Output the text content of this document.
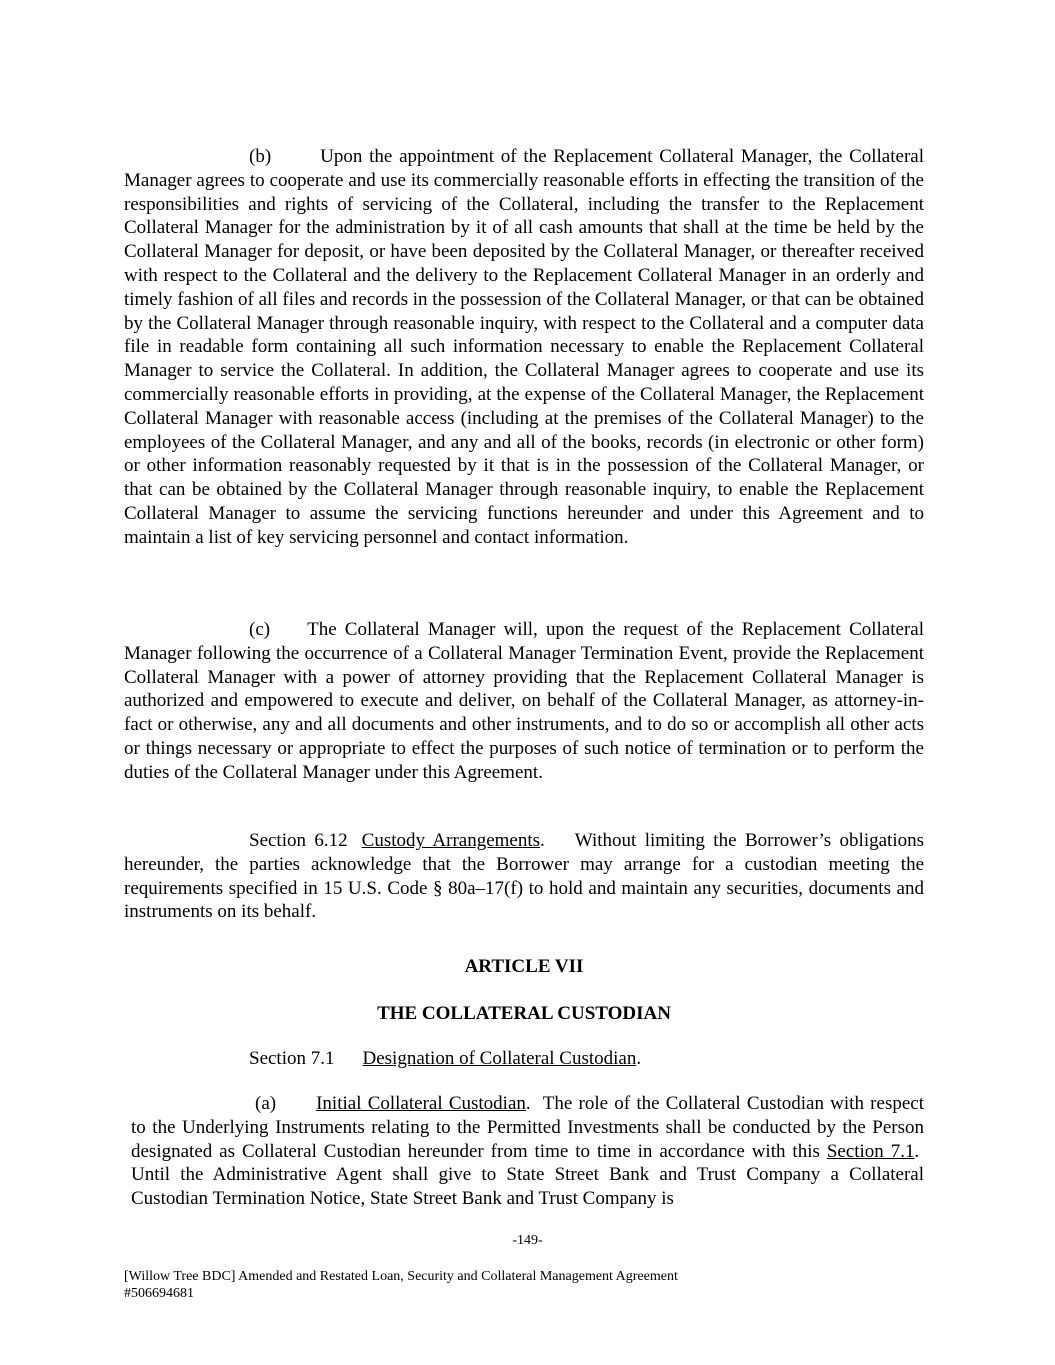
(b)	Upon the appointment of the Replacement Collateral Manager, the Collateral Manager agrees to cooperate and use its commercially reasonable efforts in effecting the transition of the responsibilities and rights of servicing of the Collateral, including the transfer to the Replacement Collateral Manager for the administration by it of all cash amounts that shall at the time be held by the Collateral Manager for deposit, or have been deposited by the Collateral Manager, or thereafter received with respect to the Collateral and the delivery to the Replacement Collateral Manager in an orderly and timely fashion of all files and records in the possession of the Collateral Manager, or that can be obtained by the Collateral Manager through reasonable inquiry, with respect to the Collateral and a computer data file in readable form containing all such information necessary to enable the Replacement Collateral Manager to service the Collateral. In addition, the Collateral Manager agrees to cooperate and use its commercially reasonable efforts in providing, at the expense of the Collateral Manager, the Replacement Collateral Manager with reasonable access (including at the premises of the Collateral Manager) to the employees of the Collateral Manager, and any and all of the books, records (in electronic or other form) or other information reasonably requested by it that is in the possession of the Collateral Manager, or that can be obtained by the Collateral Manager through reasonable inquiry, to enable the Replacement Collateral Manager to assume the servicing functions hereunder and under this Agreement and to maintain a list of key servicing personnel and contact information.

(c) The Collateral Manager will, upon the request of the Replacement Collateral Manager following the occurrence of a Collateral Manager Termination Event, provide the Replacement Collateral Manager with a power of attorney providing that the Replacement Collateral Manager is authorized and empowered to execute and deliver, on behalf of the Collateral Manager, as attorney-in-fact or otherwise, any and all documents and other instruments, and to do so or accomplish all other acts or things necessary or appropriate to effect the purposes of such notice of termination or to perform the duties of the Collateral Manager under this Agreement.

Section 6.12 Custody Arrangements. Without limiting the Borrower’s obligations hereunder, the parties acknowledge that the Borrower may arrange for a custodian meeting the requirements specified in 15 U.S. Code § 80a–17(f) to hold and maintain any securities, documents and instruments on its behalf.

ARTICLE VII

THE COLLATERAL CUSTODIAN

Section 7.1 Designation of Collateral Custodian.

(a) Initial Collateral Custodian.  The role of the Collateral Custodian with respect to the Underlying Instruments relating to the Permitted Investments shall be conducted by the Person designated as Collateral Custodian hereunder from time to time in accordance with this Section 7.1.  Until the Administrative Agent shall give to State Street Bank and Trust Company a Collateral Custodian Termination Notice, State Street Bank and Trust Company is

-149-

[Willow Tree BDC] Amended and Restated Loan, Security and Collateral Management Agreement
#506694681
